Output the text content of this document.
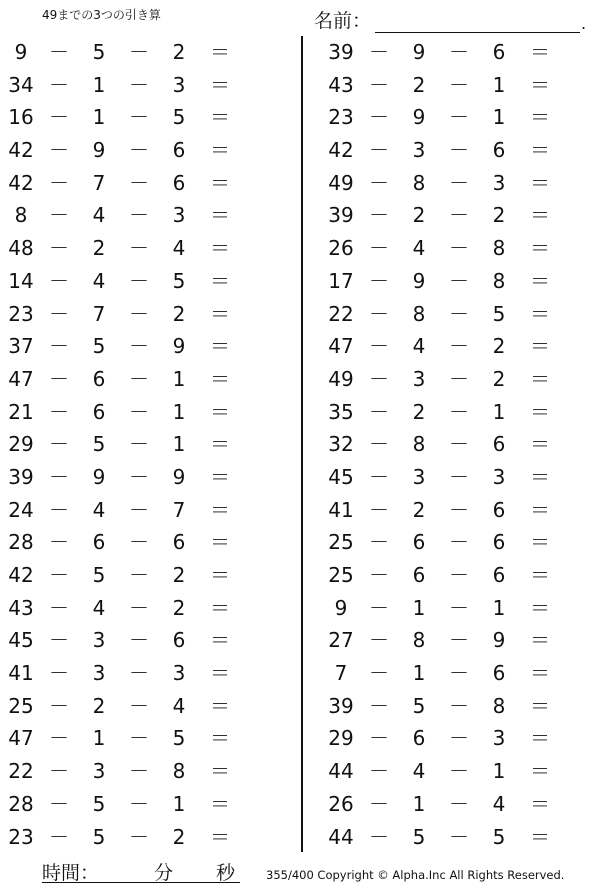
49までの3つの引き算	名前：	.
9	－	5	－	2	＝
34 －	1	－	3	＝
16 －	1	－	5	＝
42 －	9	－	6	＝
42 －	7	－	6	＝
8	－	4	－	3	＝
48 －	2	－	4	＝
14 －	4	－	5	＝
23 －	7	－	2	＝
37 －	5	－	9	＝
47 －	6	－	1	＝
21 －	6	－	1	＝
29 －	5	－	1	＝
39 －	9	－	9	＝
24 －	4	－	7	＝
28 －	6	－	6	＝
42 －	5	－	2	＝
43 －	4	－	2	＝
45 －	3	－	6	＝
41 －	3	－	3	＝
25 －	2	－	4	＝
47 －	1	－	5	＝
22 －	3	－	8	＝
28 －	5	－	1	＝
23 －	5	－	2	＝
39 －	9	－	6	＝
43 －	2	－	1	＝
23 －	9	－	1	＝
42 －	3	－	6	＝
49 －	8	－	3	＝
39 －	2	－	2	＝
26 －	4	－	8	＝
17 －	9	－	8	＝
22 －	8	－	5	＝
47 －	4	－	2	＝
49 －	3	－	2	＝
35 －	2	－	1	＝
32 －	8	－	6	＝
45 －	3	－	3	＝
41 －	2	－	6	＝
25 －	6	－	6	＝
25 －	6	－	6	＝
9	－	1	－	1	＝
27 －	8	－	9	＝
7	－	1	－	6	＝
39 －	5	－	8	＝
29 －	6	－	3	＝
44 －	4	－	1	＝
26 －	1	－	4	＝
44 －	5	－	5	＝
時間：	分 秒	355/400 Copyright © Alpha.Inc All Rights Reserved.
